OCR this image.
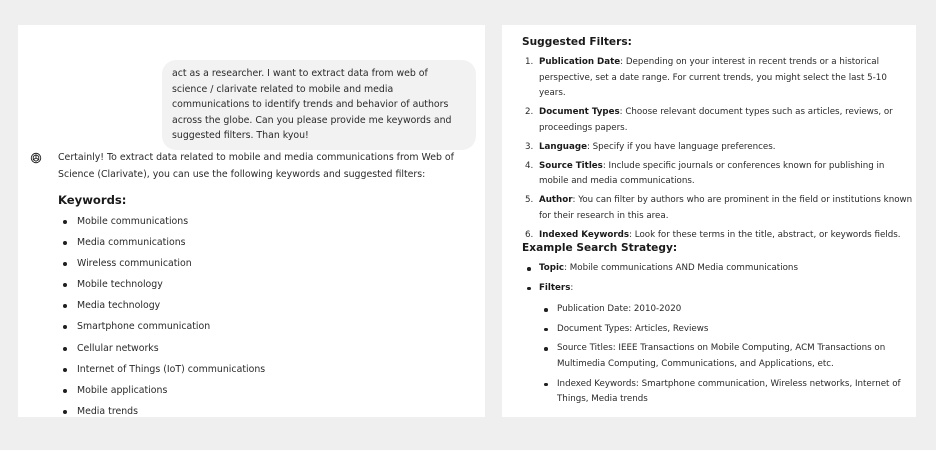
act as a researcher. I want to extract data from web of science / clarivate related to mobile and media communications to identify trends and behavior of authors across the globe. Can you please provide me keywords and suggested filters. Than kyou!
Certainly! To extract data related to mobile and media communications from Web of Science (Clarivate), you can use the following keywords and suggested filters:
Keywords:
Mobile communications
Media communications
Wireless communication
Mobile technology
Media technology
Smartphone communication
Cellular networks
Internet of Things (IoT) communications
Mobile applications
Media trends
Suggested Filters:
1. Publication Date: Depending on your interest in recent trends or a historical perspective, set a date range. For current trends, you might select the last 5-10 years.
2. Document Types: Choose relevant document types such as articles, reviews, or proceedings papers.
3. Language: Specify if you have language preferences.
4. Source Titles: Include specific journals or conferences known for publishing in mobile and media communications.
5. Author: You can filter by authors who are prominent in the field or institutions known for their research in this area.
6. Indexed Keywords: Look for these terms in the title, abstract, or keywords fields.
Example Search Strategy:
Topic: Mobile communications AND Media communications
Filters:
Publication Date: 2010-2020
Document Types: Articles, Reviews
Source Titles: IEEE Transactions on Mobile Computing, ACM Transactions on Multimedia Computing, Communications, and Applications, etc.
Indexed Keywords: Smartphone communication, Wireless networks, Internet of Things, Media trends
